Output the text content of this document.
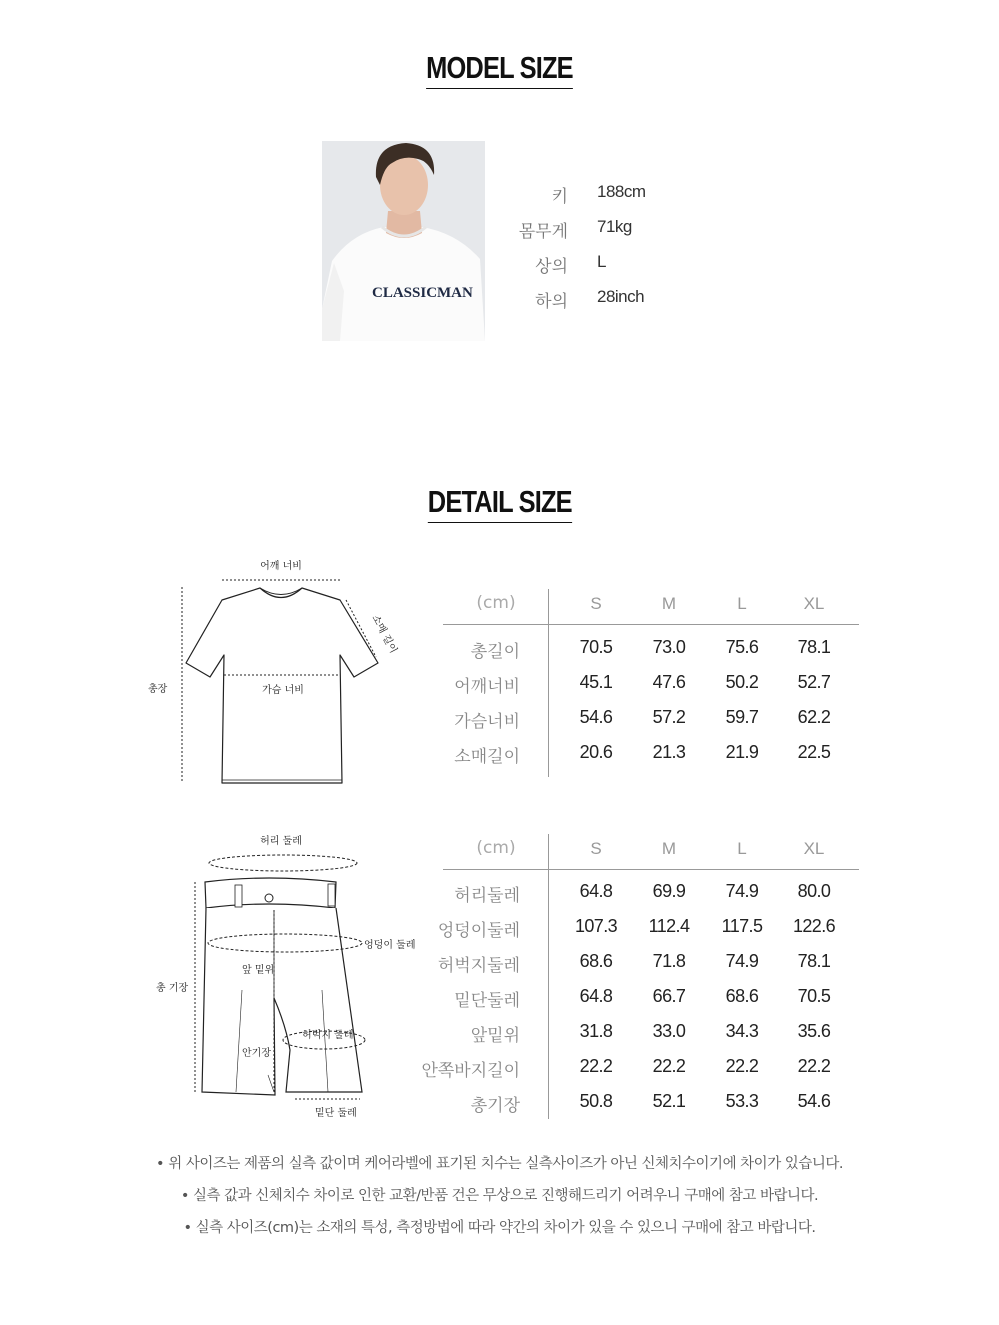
MODEL SIZE
CLASSICMAN
키 188cm
몸무게 71kg
상의 L
하의 28inch
DETAIL SIZE
어깨 너비
소매 길이
가슴 너비
총장
(cm)	S	M	L	XL
총길이	70.5	73.0	75.6	78.1
어깨너비	45.1	47.6	50.2	52.7
가슴너비	54.6	57.2	59.7	62.2
소매길이	20.6	21.3	21.9	22.5
허리 둘레
엉덩이 둘레
앞 밑위
안기장
허벅지 둘레
밑단 둘레
총 기장
(cm)	S	M	L	XL
허리둘레	64.8	69.9	74.9	80.0
엉덩이둘레	107.3	112.4	117.5	122.6
허벅지둘레	68.6	71.8	74.9	78.1
밑단둘레	64.8	66.7	68.6	70.5
앞밑위	31.8	33.0	34.3	35.6
안쪽바지길이	22.2	22.2	22.2	22.2
총기장	50.8	52.1	53.3	54.6
• 위 사이즈는 제품의 실측 값이며 케어라벨에 표기된 치수는 실측사이즈가 아닌 신체치수이기에 차이가 있습니다.
• 실측 값과 신체치수 차이로 인한 교환/반품 건은 무상으로 진행해드리기 어려우니 구매에 참고 바랍니다.
• 실측 사이즈(cm)는 소재의 특성, 측정방법에 따라 약간의 차이가 있을 수 있으니 구매에 참고 바랍니다.
